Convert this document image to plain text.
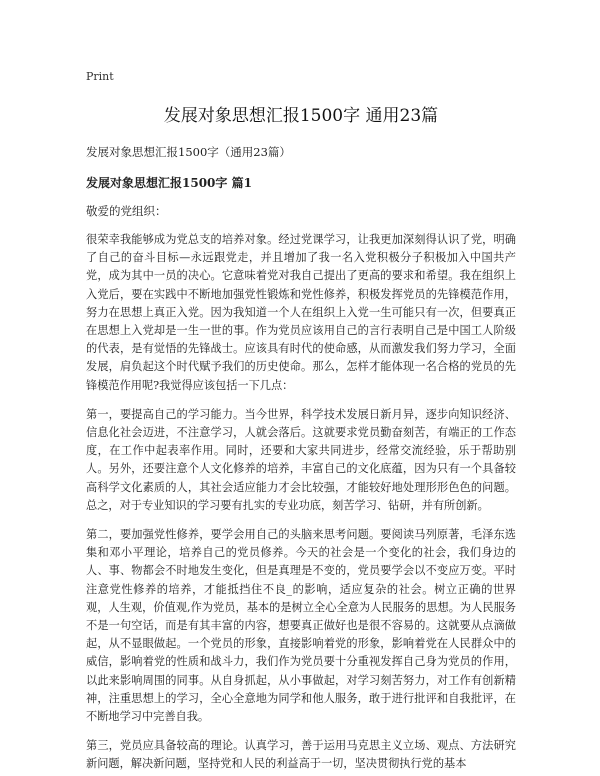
Print
发展对象思想汇报1500字 通用23篇

发展对象思想汇报1500字（通用23篇）

发展对象思想汇报1500字 篇1

敬爱的党组织：

很荣幸我能够成为党总支的培养对象。经过党课学习，让我更加深刻得认识了党，明确了自己的奋斗目标—永远跟党走，并且增加了我一名入党积极分子积极加入中国共产党，成为其中一员的决心。它意味着党对我自己提出了更高的要求和希望。我在组织上入党后，要在实践中不断地加强党性锻炼和党性修养，积极发挥党员的先锋模范作用，努力在思想上真正入党。因为我知道一个人在组织上入党一生可能只有一次，但要真正在思想上入党却是一生一世的事。作为党员应该用自己的言行表明自己是中国工人阶级的代表，是有觉悟的先锋战士。应该具有时代的使命感，从而激发我们努力学习，全面发展，肩负起这个时代赋予我们的历史使命。那么，怎样才能体现一名合格的党员的先锋模范作用呢?我觉得应该包括一下几点：

第一，要提高自己的学习能力。当今世界，科学技术发展日新月异，逐步向知识经济、信息化社会迈进，不注意学习，人就会落后。这就要求党员勤奋刻苦，有端正的工作态度，在工作中起表率作用。同时，还要和大家共同进步，经常交流经验，乐于帮助别人。另外，还要注意个人文化修养的培养，丰富自己的文化底蕴，因为只有一个具备较高科学文化素质的人，其社会适应能力才会比较强，才能较好地处理形形色色的问题。总之，对于专业知识的学习要有扎实的专业功底，刻苦学习、钻研，并有所创新。

第二，要加强党性修养，要学会用自己的头脑来思考问题。要阅读马列原著，毛泽东选集和邓小平理论，培养自己的党员修养。今天的社会是一个变化的社会，我们身边的人、事、物都会不时地发生变化，但是真理是不变的，党员要学会以不变应万变。平时注意党性修养的培养，才能抵挡住不良_的影响，适应复杂的社会。树立正确的世界观，人生观，价值观,作为党员，基本的是树立全心全意为人民服务的思想。为人民服务不是一句空话，而是有其丰富的内容，想要真正做好也是很不容易的。这就要从点滴做起，从不显眼做起。一个党员的形象，直接影响着党的形象，影响着党在人民群众中的威信，影响着党的性质和战斗力，我们作为党员要十分重视发挥自己身为党员的作用，以此来影响周围的同事。从自身抓起，从小事做起，对学习刻苦努力，对工作有创新精神，注重思想上的学习，全心全意地为同学和他人服务，敢于进行批评和自我批评，在不断地学习中完善自我。

第三，党员应具备较高的理论。认真学习，善于运用马克思主义立场、观点、方法研究新问题，解决新问题，坚持党和人民的利益高于一切，坚决贯彻执行党的基本
